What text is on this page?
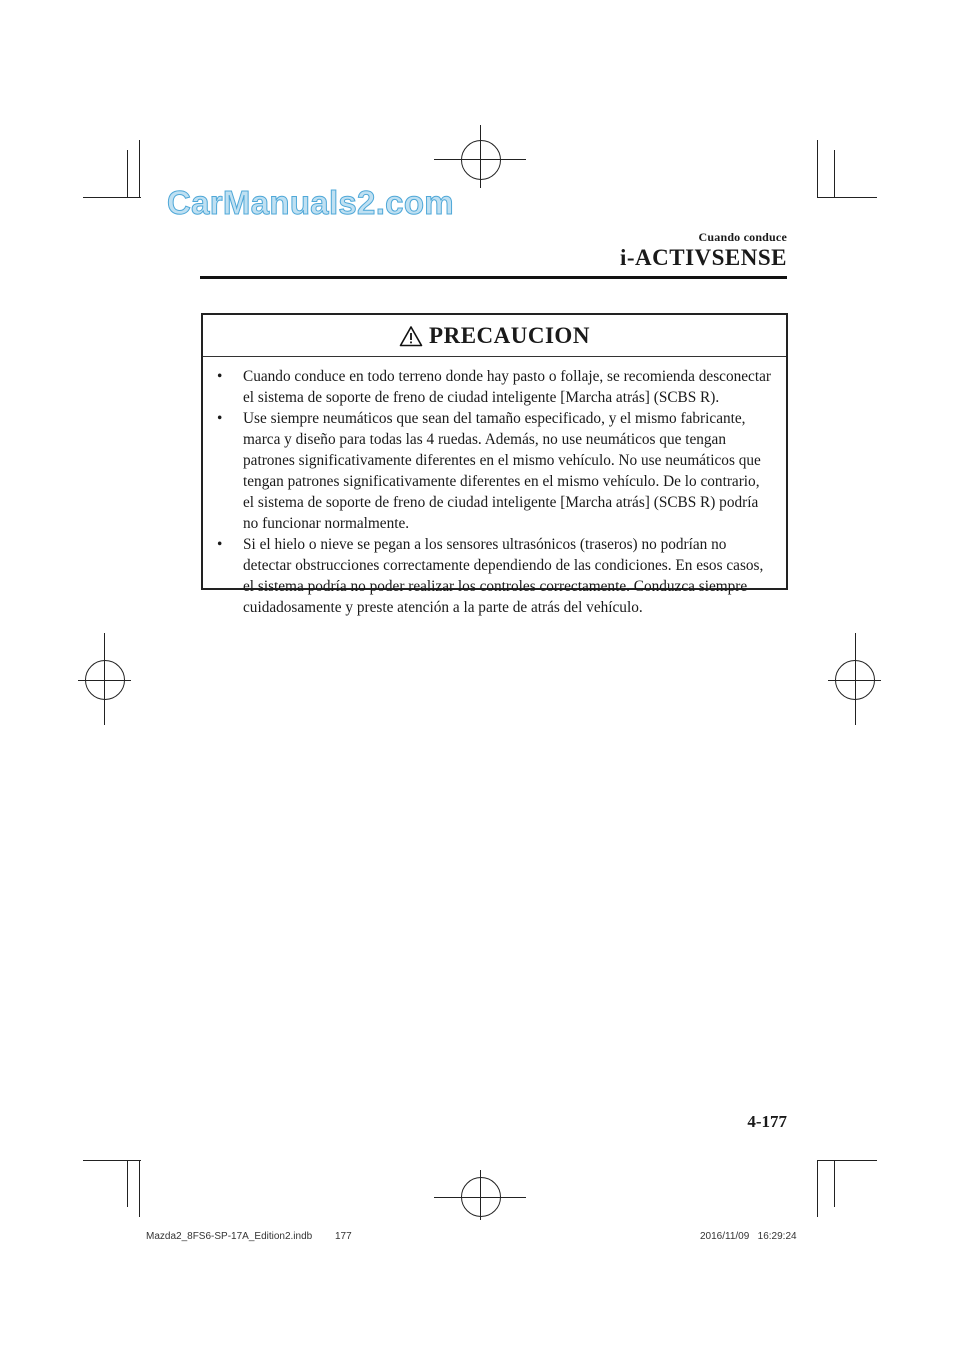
CarManuals2.com
Cuando conduce
i-ACTIVSENSE
PRECAUCION
•	Cuando conduce en todo terreno donde hay pasto o follaje, se recomienda desconectar el sistema de soporte de freno de ciudad inteligente [Marcha atrás] (SCBS R).
•	Use siempre neumáticos que sean del tamaño especificado, y el mismo fabricante, marca y diseño para todas las 4 ruedas. Además, no use neumáticos que tengan patrones significativamente diferentes en el mismo vehículo. No use neumáticos que tengan patrones significativamente diferentes en el mismo vehículo. De lo contrario, el sistema de soporte de freno de ciudad inteligente [Marcha atrás] (SCBS R) podría no funcionar normalmente.
•	Si el hielo o nieve se pegan a los sensores ultrasónicos (traseros) no podrían no detectar obstrucciones correctamente dependiendo de las condiciones. En esos casos, el sistema podría no poder realizar los controles correctamente. Conduzca siempre cuidadosamente y preste atención a la parte de atrás del vehículo.
4-177
Mazda2_8FS6-SP-17A_Edition2.indb 177	2016/11/09   16:29:24
